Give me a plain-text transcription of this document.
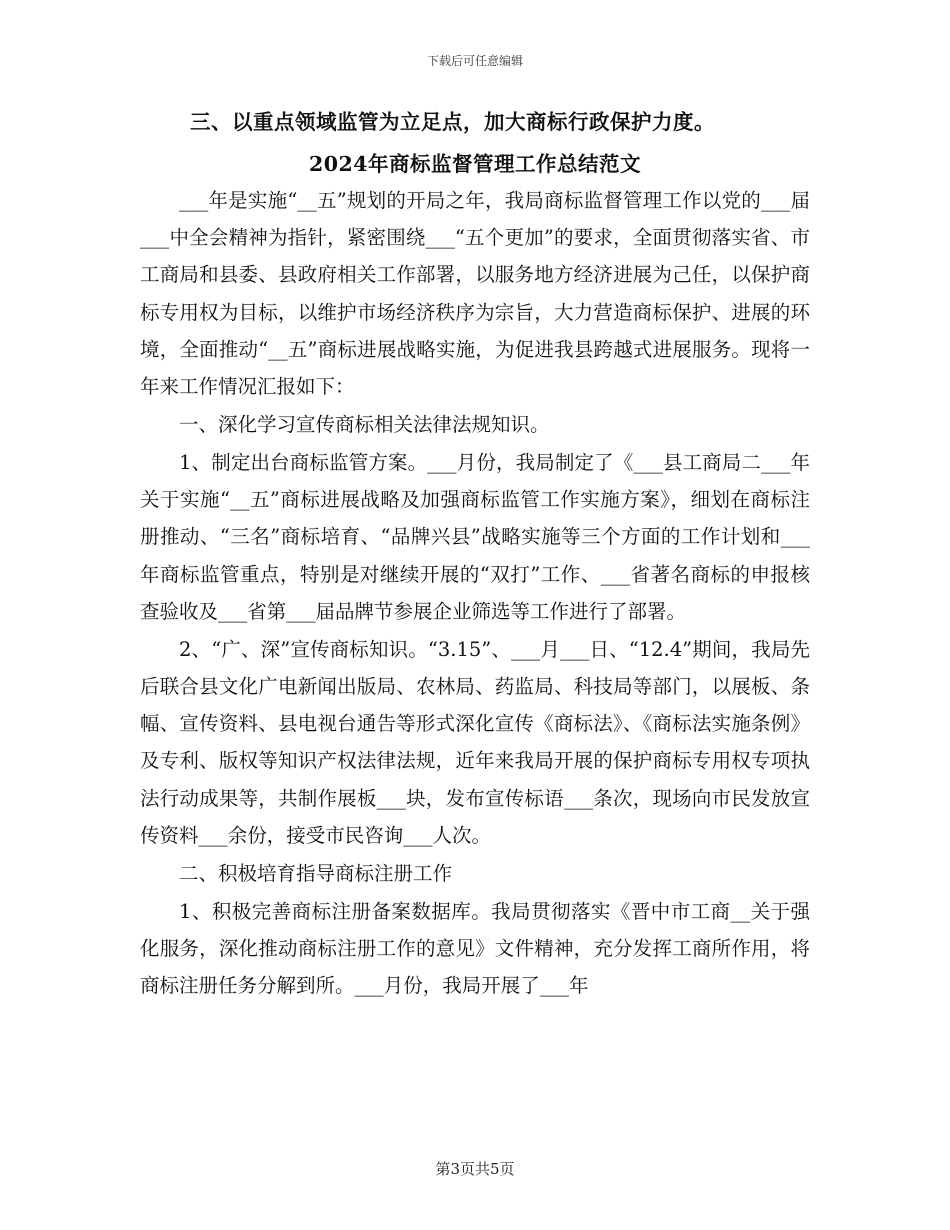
下载后可任意编辑

三、以重点领域监管为立足点，加大商标行政保护力度。

2024年商标监督管理工作总结范文

___年是实施“__五”规划的开局之年，我局商标监督管理工作以党的___届___中全会精神为指针，紧密围绕___“五个更加”的要求，全面贯彻落实省、市工商局和县委、县政府相关工作部署，以服务地方经济进展为己任，以保护商标专用权为目标，以维护市场经济秩序为宗旨，大力营造商标保护、进展的环境，全面推动“__五”商标进展战略实施，为促进我县跨越式进展服务。现将一年来工作情况汇报如下：

一、深化学习宣传商标相关法律法规知识。

1、制定出台商标监管方案。___月份，我局制定了《___县工商局二___年关于实施“__五”商标进展战略及加强商标监管工作实施方案》，细划在商标注册推动、“三名”商标培育、“品牌兴县”战略实施等三个方面的工作计划和___年商标监管重点，特别是对继续开展的“双打”工作、___省著名商标的申报核查验收及___省第___届品牌节参展企业筛选等工作进行了部署。

2、“广、深”宣传商标知识。“3.15”、___月___日、“12.4”期间，我局先后联合县文化广电新闻出版局、农林局、药监局、科技局等部门，以展板、条幅、宣传资料、县电视台通告等形式深化宣传《商标法》、《商标法实施条例》及专利、版权等知识产权法律法规，近年来我局开展的保护商标专用权专项执法行动成果等，共制作展板___块，发布宣传标语___条次，现场向市民发放宣传资料___余份，接受市民咨询___人次。

二、积极培育指导商标注册工作

1、积极完善商标注册备案数据库。我局贯彻落实《晋中市工商__关于强化服务，深化推动商标注册工作的意见》文件精神，充分发挥工商所作用，将商标注册任务分解到所。___月份，我局开展了___年

第3页共5页
